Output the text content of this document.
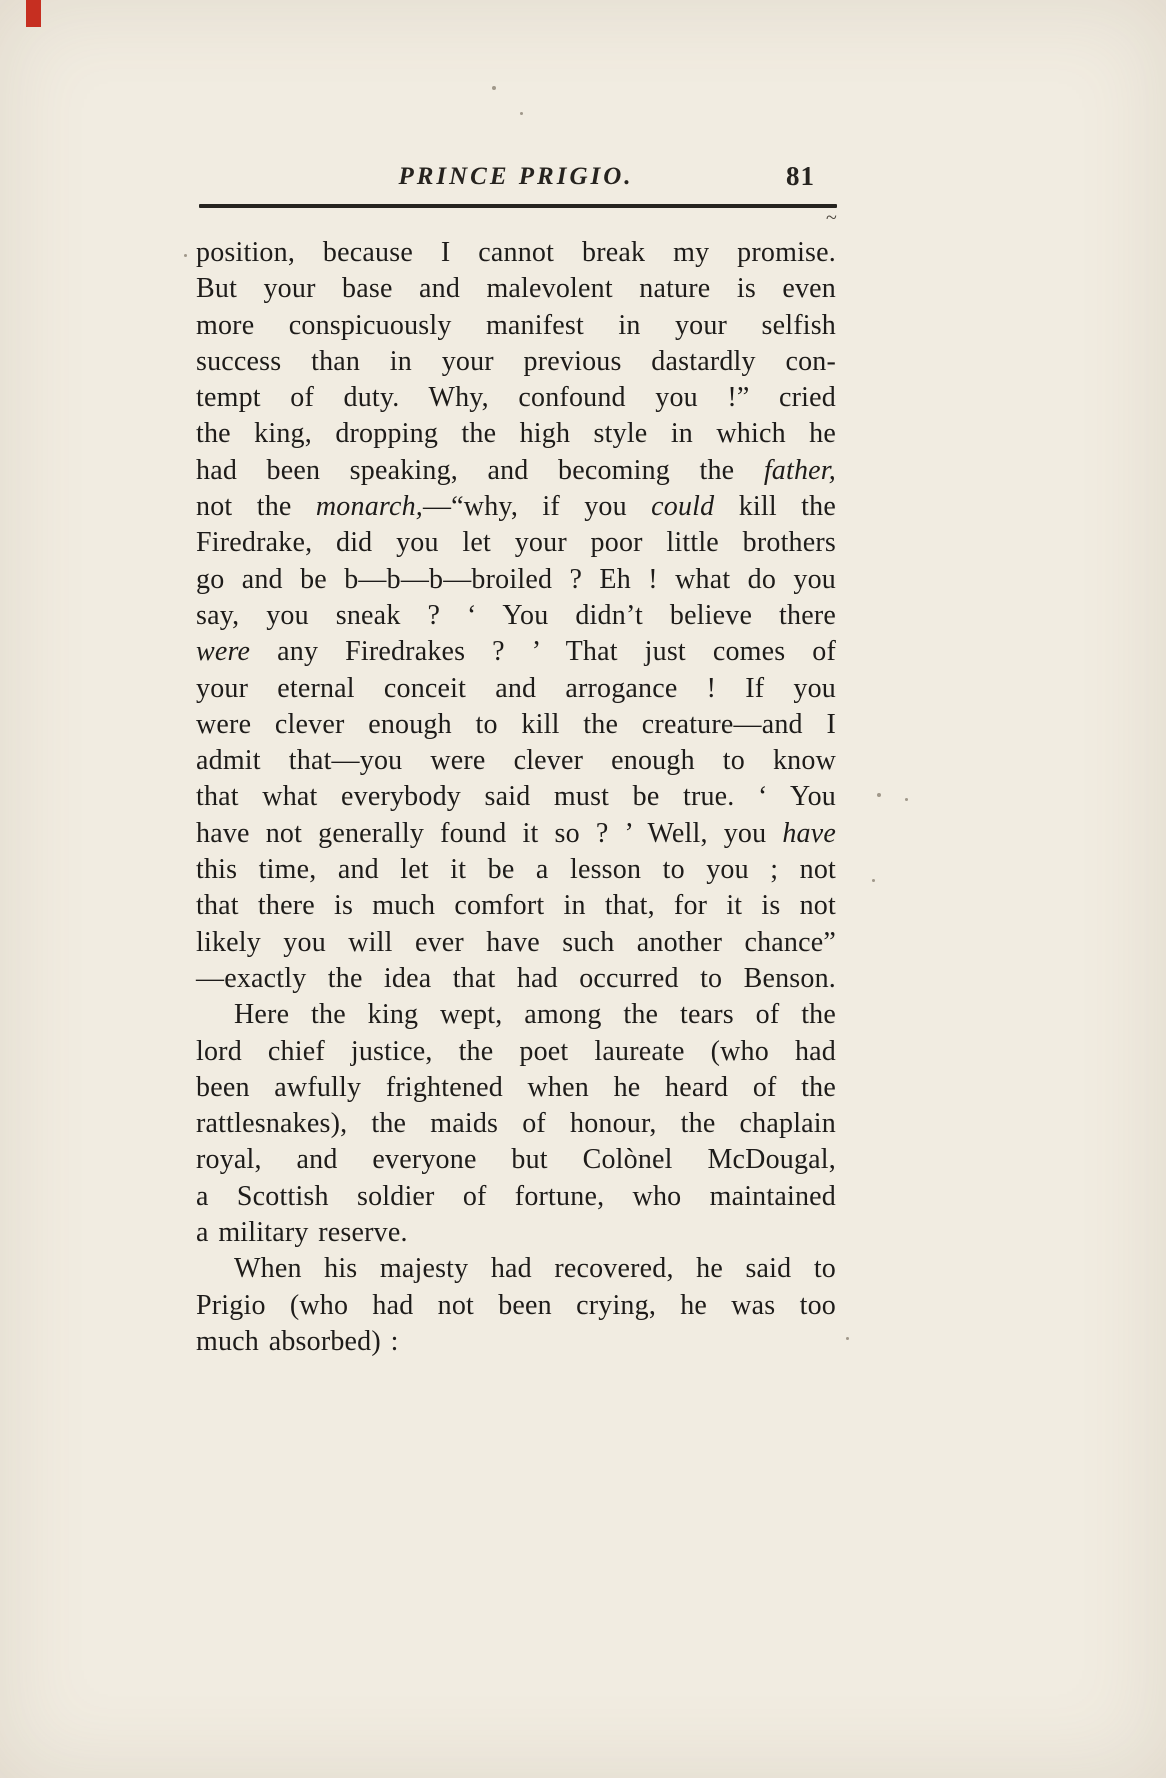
PRINCE PRIGIO.	81
~
position, because I cannot break my promise.
But your base and malevolent nature is even
more conspicuously manifest in your selfish
success than in your previous dastardly con-
tempt of duty. Why, confound you !” cried
the king, dropping the high style in which he
had been speaking, and becoming the father,
not the monarch,—“why, if you could kill the
Firedrake, did you let your poor little brothers
go and be b—b—b—broiled ? Eh ! what do you
say, you sneak ? ‘ You didn’t believe there
were any Firedrakes ? ’ That just comes of
your eternal conceit and arrogance ! If you
were clever enough to kill the creature—and I
admit that—you were clever enough to know
that what everybody said must be true. ‘ You
have not generally found it so ? ’ Well, you have
this time, and let it be a lesson to you ; not
that there is much comfort in that, for it is not
likely you will ever have such another chance”
—exactly the idea that had occurred to Benson.
Here the king wept, among the tears of the
lord chief justice, the poet laureate (who had
been awfully frightened when he heard of the
rattlesnakes), the maids of honour, the chaplain
royal, and everyone but Colònel McDougal,
a Scottish soldier of fortune, who maintained
a military reserve.
When his majesty had recovered, he said to
Prigio (who had not been crying, he was too
much absorbed) :
